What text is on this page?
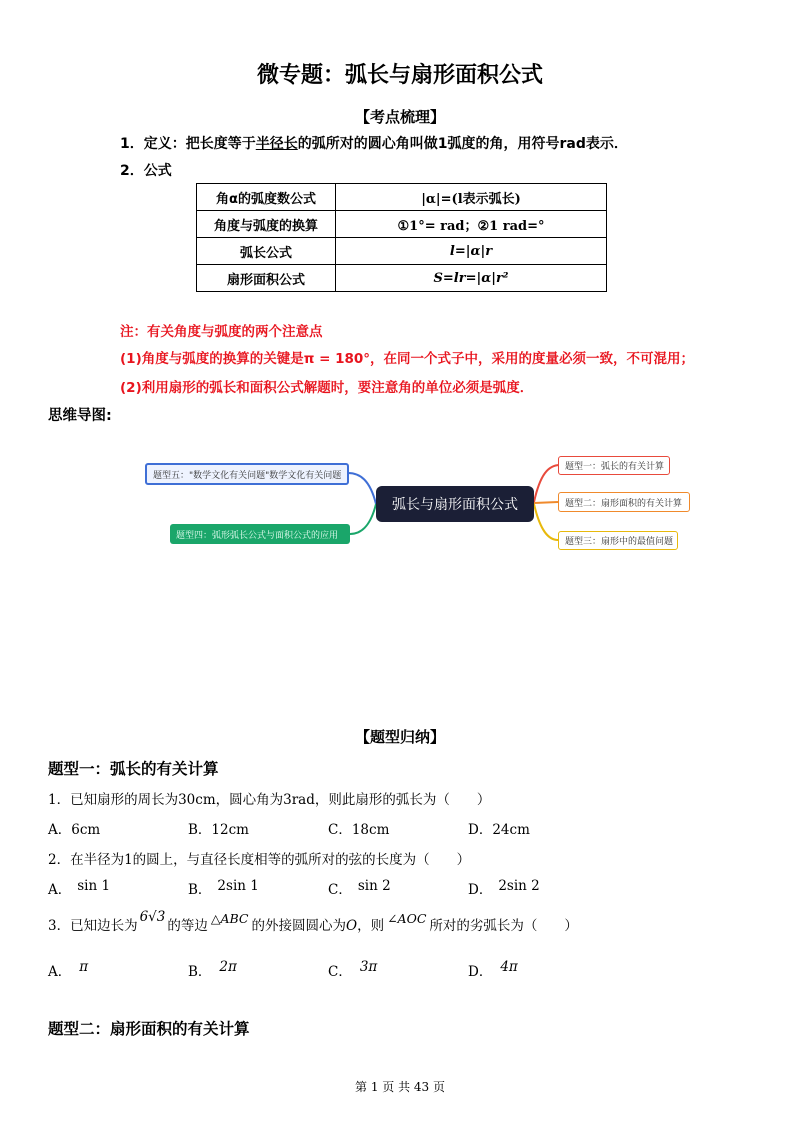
微专题：弧长与扇形面积公式
【考点梳理】
1．定义：把长度等于半径长的弧所对的圆心角叫做1弧度的角，用符号rad表示．
2．公式
角α的弧度数公式	|α|=(l表示弧长)
角度与弧度的换算	①1°= rad；②1 rad=°
弧长公式	l=|α|r
扇形面积公式	S=lr=|α|r²
注：有关角度与弧度的两个注意点
(1)角度与弧度的换算的关键是π = 180°，在同一个式子中，采用的度量必须一致，不可混用；
(2)利用扇形的弧长和面积公式解题时，要注意角的单位必须是弧度．
思维导图:
题型五："数学文化有关问题"数学文化有关问题
题型四：弧形弧长公式与面积公式的应用
弧长与扇形面积公式
题型一：弧长的有关计算
题型二：扇形面积的有关计算
题型三：扇形中的最值问题
【题型归纳】
题型一：弧长的有关计算
1．已知扇形的周长为30cm，圆心角为3rad，则此扇形的弧长为（　　）
A．6cm	B．12cm	C．18cm	D．24cm
2．在半径为1的圆上，与直径长度相等的弧所对的弦的长度为（　　）
A． sin 1	B． 2sin 1	C． sin 2	D． 2sin 2
3．已知边长为6√3的等边 △ABC 的外接圆圆心为O，则 ∠AOC 所对的劣弧长为（　　）
A． π	B． 2π	C． 3π	D． 4π
题型二：扇形面积的有关计算
第 1 页 共 43 页
